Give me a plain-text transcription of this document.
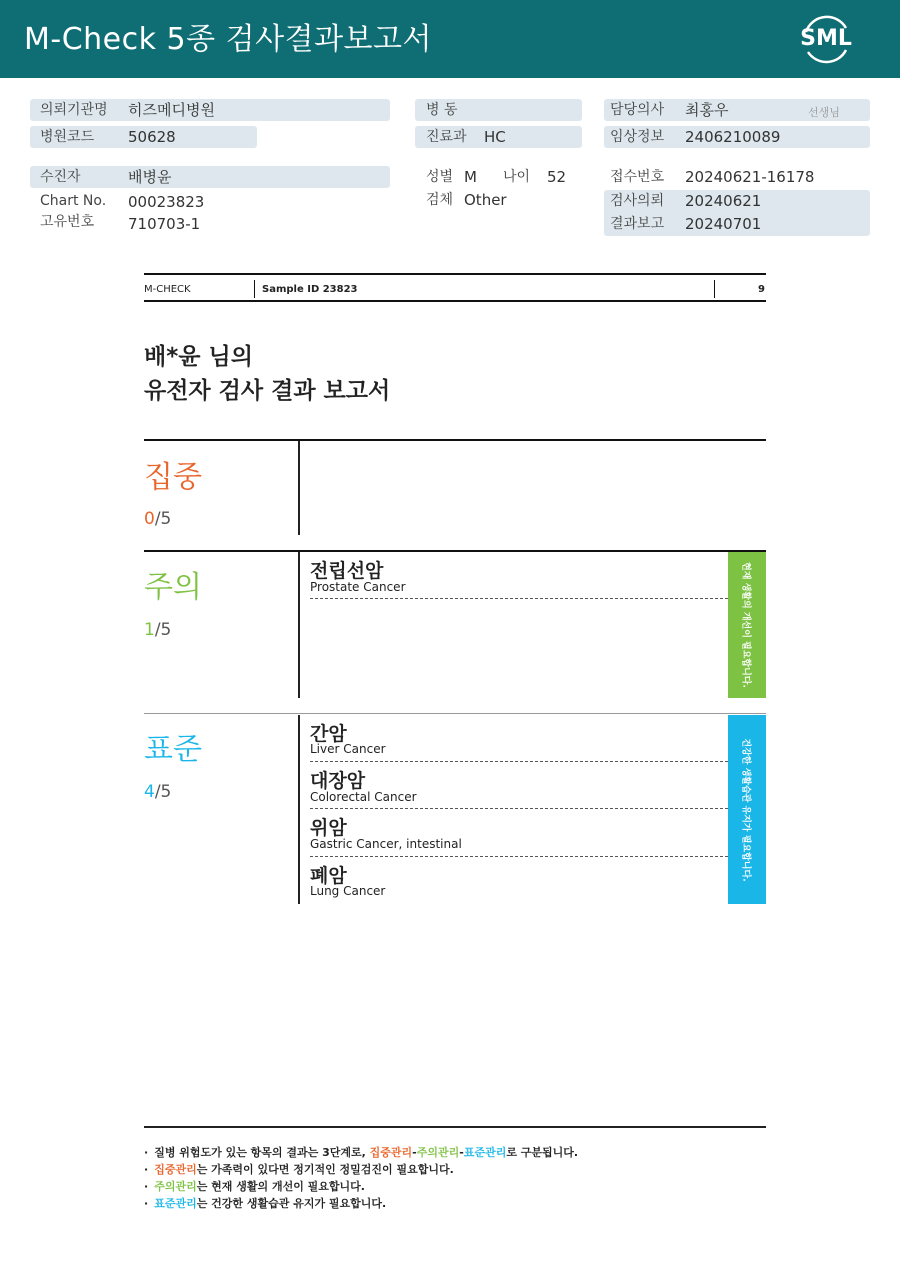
M-Check 5종 검사결과보고서	SML
의뢰기관명 히즈메디병원
병원코드 50628
병 동
진료과 HC
담당의사 최홍우	선생님
임상정보 2406210089
수진자	배병윤
Chart No. 00023823
고유번호 710703-1
성별 M 나이 52
검체 Other
접수번호 20240621-16178
검사의뢰 20240621
결과보고 20240701
M-CHECK	Sample ID 23823	9
배*윤 님의
유전자 검사 결과 보고서
집중
0/5
주의
1/5
전립선암
Prostate Cancer	현재 생활의 개선이 필요합니다.
표준
4/5
간암
Liver Cancer
대장암
Colorectal Cancer
위암
Gastric Cancer, intestinal
폐암
Lung Cancer
건강한 생활습관 유지가 필요합니다.
· 질병 위험도가 있는 항목의 결과는 3단계로, 집중관리-주의관리-표준관리로 구분됩니다.
· 집중관리는 가족력이 있다면 정기적인 정밀검진이 필요합니다.
· 주의관리는 현재 생활의 개선이 필요합니다.
· 표준관리는 건강한 생활습관 유지가 필요합니다.
